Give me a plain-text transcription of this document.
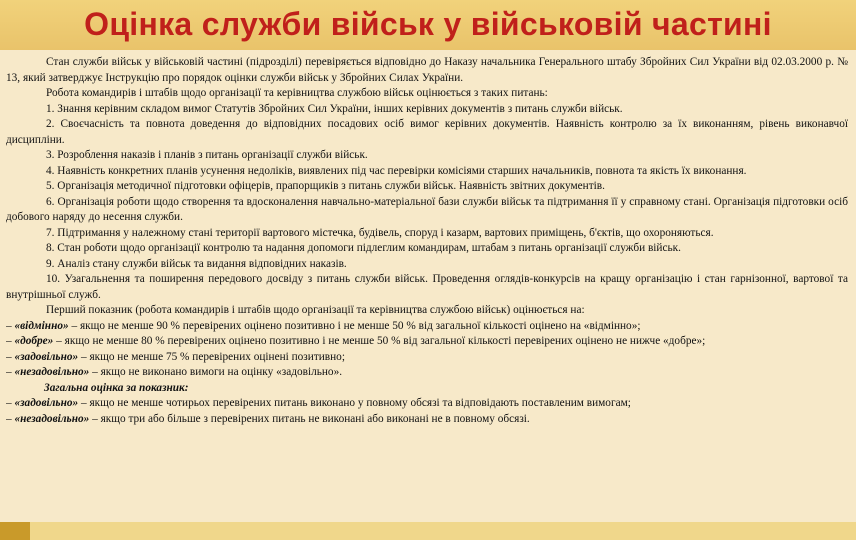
Оцінка служби військ у військовій частині

Стан служби військ у військовій частині (підрозділі) перевіряється відповідно до Наказу начальника Генерального штабу Збройних Сил України від 02.03.2000 р. № 13, який затверджує Інструкцію про порядок оцінки служби військ у Збройних Силах України.

Робота командирів і штабів щодо організації та керівництва службою військ оцінюється з таких питань:

1. Знання керівним складом вимог Статутів Збройних Сил України, інших керівних документів з питань служби військ.

2. Своєчасність та повнота доведення до відповідних посадових осіб вимог керівних документів. Наявність контролю за їх виконанням, рівень виконавчої дисципліни.

3. Розроблення наказів і планів з питань організації служби військ.

4. Наявність конкретних планів усунення недоліків, виявлених під час перевірки комісіями старших начальників, повнота та якість їх виконання.

5. Організація методичної підготовки офіцерів, прапорщиків з питань служби військ. Наявність звітних документів.

6. Організація роботи щодо створення та вдосконалення навчально-матеріальної бази служби військ та підтримання її у справному стані. Організація підготовки осіб добового наряду до несення служби.

7. Підтримання у належному стані території вартового містечка, будівель, споруд і казарм, вартових приміщень, б'єктів, що охороняються.

8. Стан роботи щодо організації контролю та надання допомоги підлеглим командирам, штабам з питань організації служби військ.

9. Аналіз стану служби військ та видання відповідних наказів.

10. Узагальнення та поширення передового досвіду з питань служби військ. Проведення оглядів-конкурсів на кращу організацію і стан гарнізонної, вартової та внутрішньої служб.

Перший показник (робота командирів і штабів щодо організації та керівництва службою військ) оцінюється на:

– «відмінно» – якщо не менше 90 % перевірених оцінено позитивно і не менше 50 % від загальної кількості оцінено на «відмінно»;

– «добре» – якщо не менше 80 % перевірених оцінено позитивно і не менше 50 % від загальної кількості перевірених оцінено не нижче «добре»;

– «задовільно» – якщо не менше 75 % перевірених оцінені позитивно;

– «незадовільно» – якщо не виконано вимоги на оцінку «задовільно».

Загальна оцінка за показник:

– «задовільно» – якщо не менше чотирьох перевірених питань виконано у повному обсязі та відповідають поставленим вимогам;

– «незадовільно» – якщо три або більше з перевірених питань не виконані або виконані не в повному обсязі.
